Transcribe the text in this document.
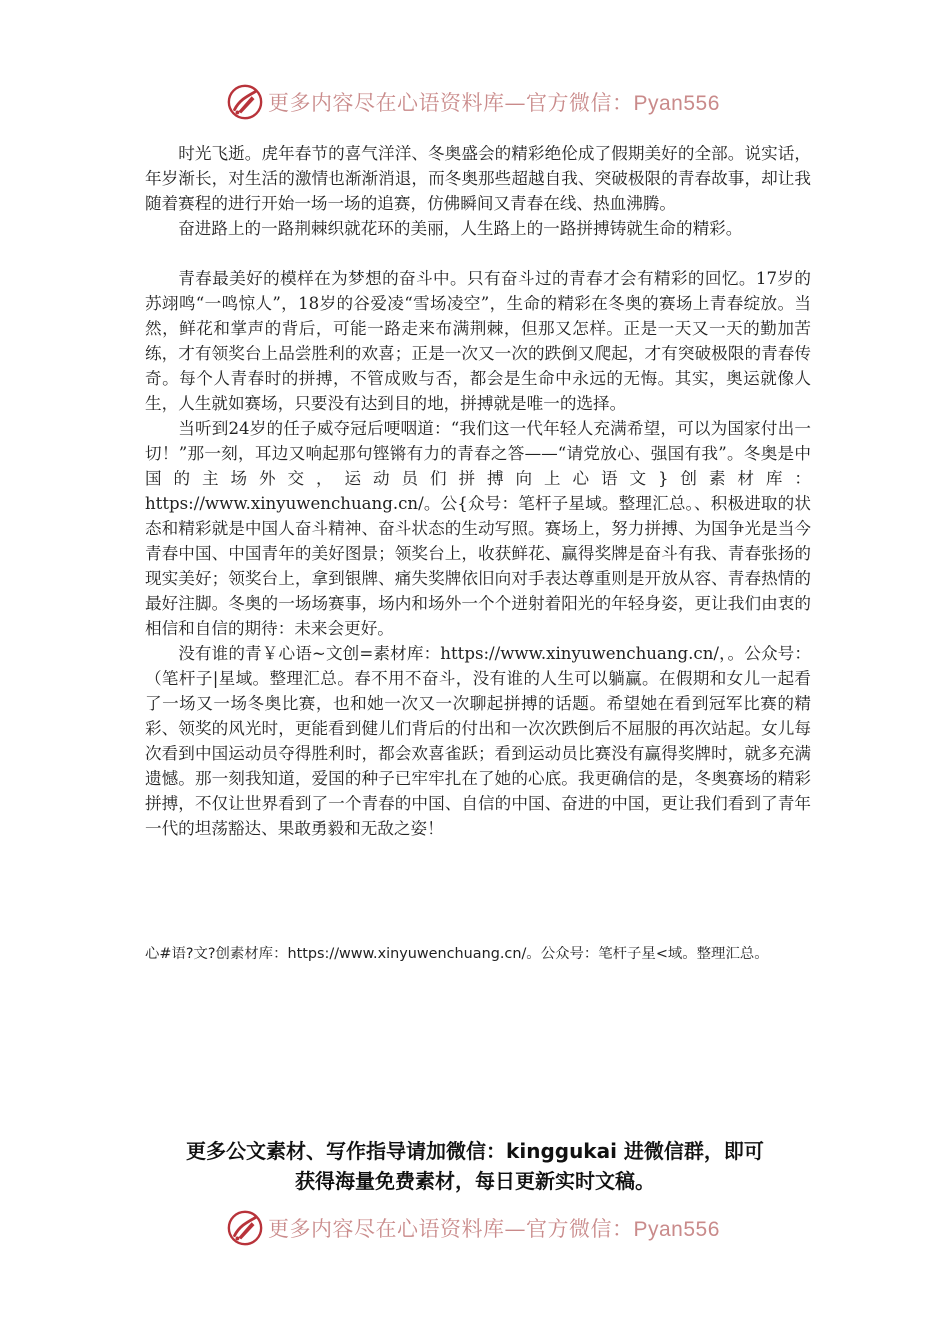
更多内容尽在心语资料库—官方微信：Pyan556

时光飞逝。虎年春节的喜气洋洋、冬奥盛会的精彩绝伦成了假期美好的全部。说实话，年岁渐长，对生活的激情也渐渐消退，而冬奥那些超越自我、突破极限的青春故事，却让我随着赛程的进行开始一场一场的追赛，仿佛瞬间又青春在线、热血沸腾。

奋进路上的一路荆棘织就花环的美丽，人生路上的一路拼搏铸就生命的精彩。

青春最美好的模样在为梦想的奋斗中。只有奋斗过的青春才会有精彩的回忆。17岁的苏翊鸣“一鸣惊人”，18岁的谷爱凌“雪场凌空”，生命的精彩在冬奥的赛场上青春绽放。当然，鲜花和掌声的背后，可能一路走来布满荆棘，但那又怎样。正是一天又一天的勤加苦练，才有领奖台上品尝胜利的欢喜；正是一次又一次的跌倒又爬起，才有突破极限的青春传奇。每个人青春时的拼搏，不管成败与否，都会是生命中永远的无悔。其实，奥运就像人生，人生就如赛场，只要没有达到目的地，拼搏就是唯一的选择。

当听到24岁的任子威夺冠后哽咽道：“我们这一代年轻人充满希望，可以为国家付出一切！”那一刻，耳边又响起那句铿锵有力的青春之答——“请党放心、强国有我”。冬奥是中国的主场外交，运动员们拼搏向上心语文}创素材库：https://www.xinyuwenchuang.cn/。公{众号：笔杆子星域。整理汇总。、积极进取的状态和精彩就是中国人奋斗精神、奋斗状态的生动写照。赛场上，努力拼搏、为国争光是当今青春中国、中国青年的美好图景；领奖台上，收获鲜花、赢得奖牌是奋斗有我、青春张扬的现实美好；领奖台上，拿到银牌、痛失奖牌依旧向对手表达尊重则是开放从容、青春热情的最好注脚。冬奥的一场场赛事，场内和场外一个个迸射着阳光的年轻身姿，更让我们由衷的相信和自信的期待：未来会更好。

没有谁的青￥心语~文创=素材库：https://www.xinyuwenchuang.cn/，。公众号：（笔杆子|星域。整理汇总。春不用不奋斗，没有谁的人生可以躺赢。在假期和女儿一起看了一场又一场冬奥比赛，也和她一次又一次聊起拼搏的话题。希望她在看到冠军比赛的精彩、领奖的风光时，更能看到健儿们背后的付出和一次次跌倒后不屈服的再次站起。女儿每次看到中国运动员夺得胜利时，都会欢喜雀跃；看到运动员比赛没有赢得奖牌时，就多充满遗憾。那一刻我知道，爱国的种子已牢牢扎在了她的心底。我更确信的是，冬奥赛场的精彩拼搏，不仅让世界看到了一个青春的中国、自信的中国、奋进的中国，更让我们看到了青年一代的坦荡豁达、果敢勇毅和无敌之姿！

心#语?文?创素材库：https://www.xinyuwenchuang.cn/。公众号：笔杆子星<域。整理汇总。
更多公文素材、写作指导请加微信：kinggukai 进微信群，即可
获得海量免费素材，每日更新实时文稿。
更多内容尽在心语资料库—官方微信：Pyan556
